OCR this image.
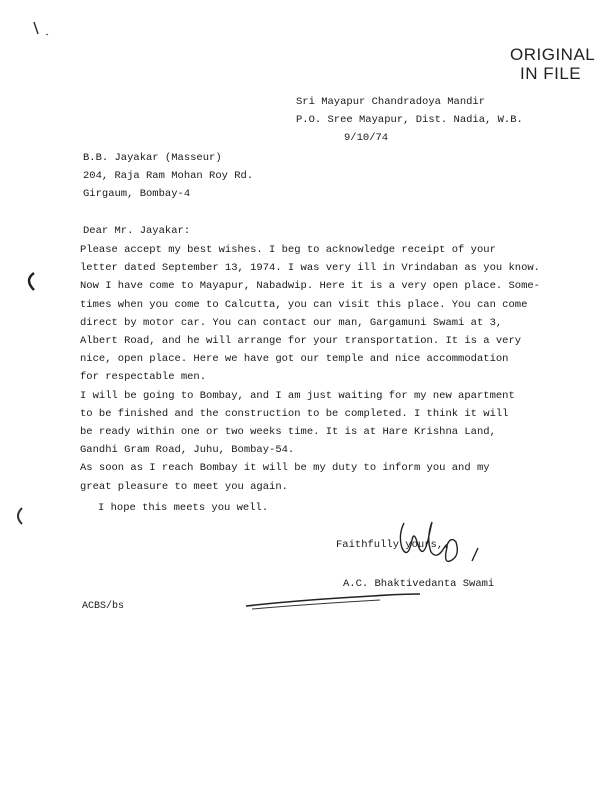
ORIGINAL
IN FILE
Sri Mayapur Chandradoya Mandir
P.O. Sree Mayapur, Dist. Nadia, W.B.
9/10/74
B.B. Jayakar (Masseur)
204, Raja Ram Mohan Roy Rd.
Girgaum, Bombay-4
Dear Mr. Jayakar:
Please accept my best wishes. I beg to acknowledge receipt of your
letter dated September 13, 1974. I was very ill in Vrindaban as you know.
Now I have come to Mayapur, Nabadwip. Here it is a very open place. Some-
times when you come to Calcutta, you can visit this place. You can come
direct by motor car. You can contact our man, Gargamuni Swami at 3,
Albert Road, and he will arrange for your transportation. It is a very
nice, open place. Here we have got our temple and nice accommodation
for respectable men.
I will be going to Bombay, and I am just waiting for my new apartment
to be finished and the construction to be completed. I think it will
be ready within one or two weeks time. It is at Hare Krishna Land,
Gandhi Gram Road, Juhu, Bombay-54.
As soon as I reach Bombay it will be my duty to inform you and my
great pleasure to meet you again.
I hope this meets you well.
Faithfully yours,
A.C. Bhaktivedanta Swami
ACBS/bs
